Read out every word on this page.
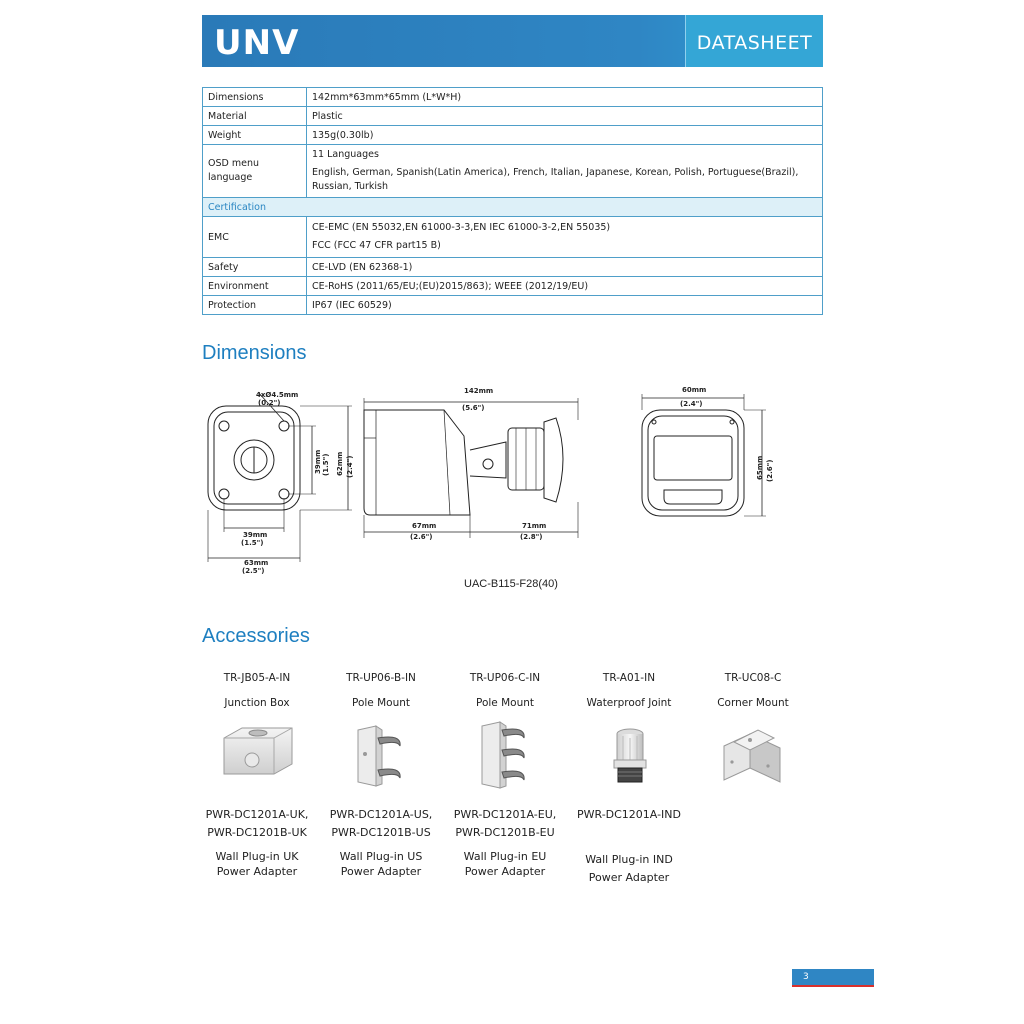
UNV	DATASHEET
Dimensions	142mm*63mm*65mm (L*W*H)
Material	Plastic
Weight	135g(0.30lb)

OSD menu
language	11 Languages
English, German, Spanish(Latin America), French, Italian, Japanese, Korean, Polish, Portuguese(Brazil),
Russian, Turkish

Certification	
EMC	CE-EMC (EN 55032,EN 61000-3-3,EN IEC 61000-3-2,EN 55035)
FCC (FCC 47 CFR part15 B)

Safety	CE-LVD (EN 62368-1)
Environment	CE-RoHS (2011/65/EU;(EU)2015/863); WEEE (2012/19/EU)
Protection	IP67 (IEC 60529)
Dimensions
4xØ4.5mm
(0.2")
39mm
(1.5")
63mm
(2.5")
39mm (1.5") 62mm (2.4")
142mm
(5.6")
67mm
(2.6")
71mm
(2.8")
60mm
(2.4")
65mm (2.6")
UAC-B115-F28(40)
Accessories
TR-JB05-A-IN
Junction Box
TR-UP06-B-IN
Pole Mount
TR-UP06-C-IN
Pole Mount
TR-A01-IN
Waterproof Joint
TR-UC08-C
Corner Mount
PWR-DC1201A-UK,
PWR-DC1201B-UK
Wall Plug-in UK
Power Adapter
PWR-DC1201A-US,
PWR-DC1201B-US
Wall Plug-in US
Power Adapter
PWR-DC1201A-EU,
PWR-DC1201B-EU
Wall Plug-in EU
Power Adapter
PWR-DC1201A-IND
Wall Plug-in IND
Power Adapter
3
